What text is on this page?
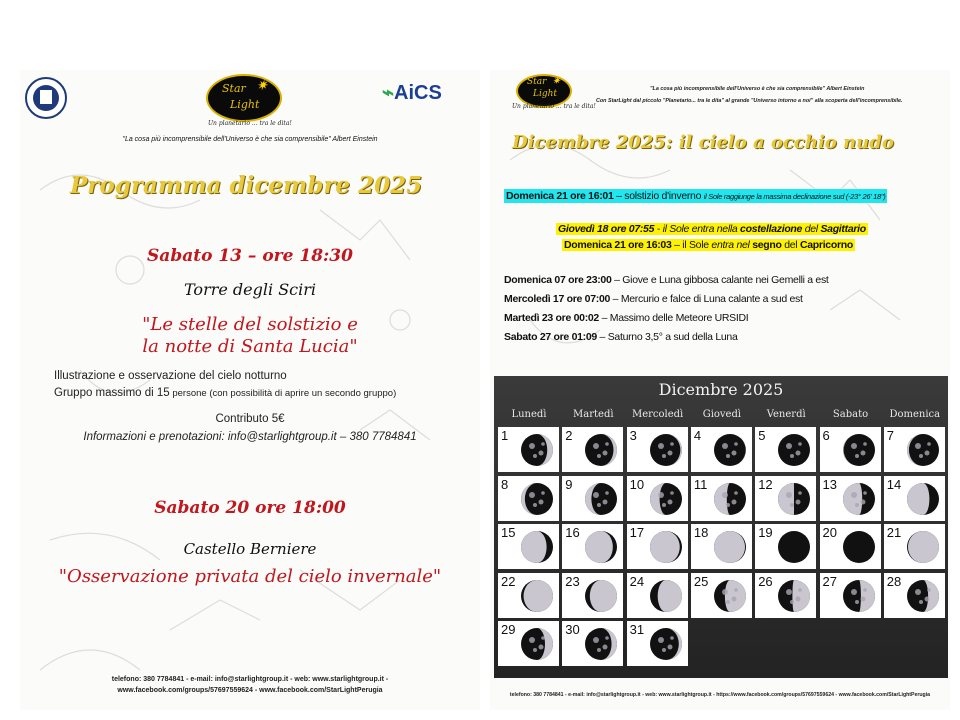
Star ✷
Light
Un planetario ... tra le dita!
⌁AiCS
"La cosa più incomprensibile dell'Universo è che sia comprensibile" Albert Einstein
Programma dicembre 2025
Sabato 13 – ore 18:30
Torre degli Sciri
"Le stelle del solstizio e
la notte di Santa Lucia"
Illustrazione e osservazione del cielo notturno
Gruppo massimo di 15 persone (con possibilità di aprire un secondo gruppo)
Contributo 5€
Informazioni e prenotazioni: info@starlightgroup.it – 380 7784841
Sabato 20 ore 18:00
Castello Berniere
"Osservazione privata del cielo invernale"
telefono: 380 7784841 - e-mail: info@starlightgroup.it - web: www.starlightgroup.it -
www.facebook.com/groups/57697559624 - www.facebook.com/StarLightPerugia
Star ✷
Light
Un planetario ... tra le dita!
"La cosa più incomprensibile dell'Universo è che sia comprensibile" Albert Einstein
Con StarLight dal piccolo "Planetario... tra le dita" al grande "Universo intorno a noi" alla scoperta dell'incomprensibile.
Dicembre 2025: il cielo a occhio nudo
Domenica 21 ore 16:01 – solstizio d'inverno il Sole raggiunge la massima declinazione sud (-23° 26' 18")
Giovedì 18 ore 07:55 - il Sole entra nella costellazione del Sagittario
Domenica 21 ore 16:03 – il Sole entra nel segno del Capricorno
Domenica 07 ore 23:00 – Giove e Luna gibbosa calante nei Gemelli a est
Mercoledì 17 ore 07:00 – Mercurio e falce di Luna calante a sud est
Martedì 23 ore 00:02 – Massimo delle Meteore URSIDI
Sabato 27 ore 01:09 – Saturno 3,5° a sud della Luna
Dicembre 2025
Lunedì	Martedì	Mercoledì	Giovedì	Venerdì	Sabato	Domenica
1	2	3	4	5	6	7
8	9	10	11	12	13	14
15	16	17	18	19	20	21
22	23	24	25	26	27	28
29	30	31
telefono: 380 7784841 - e-mail: info@starlightgroup.it - web: www.starlightgroup.it - https://www.facebook.com/groups/57697559624 - www.facebook.com/StarLightPerugia
